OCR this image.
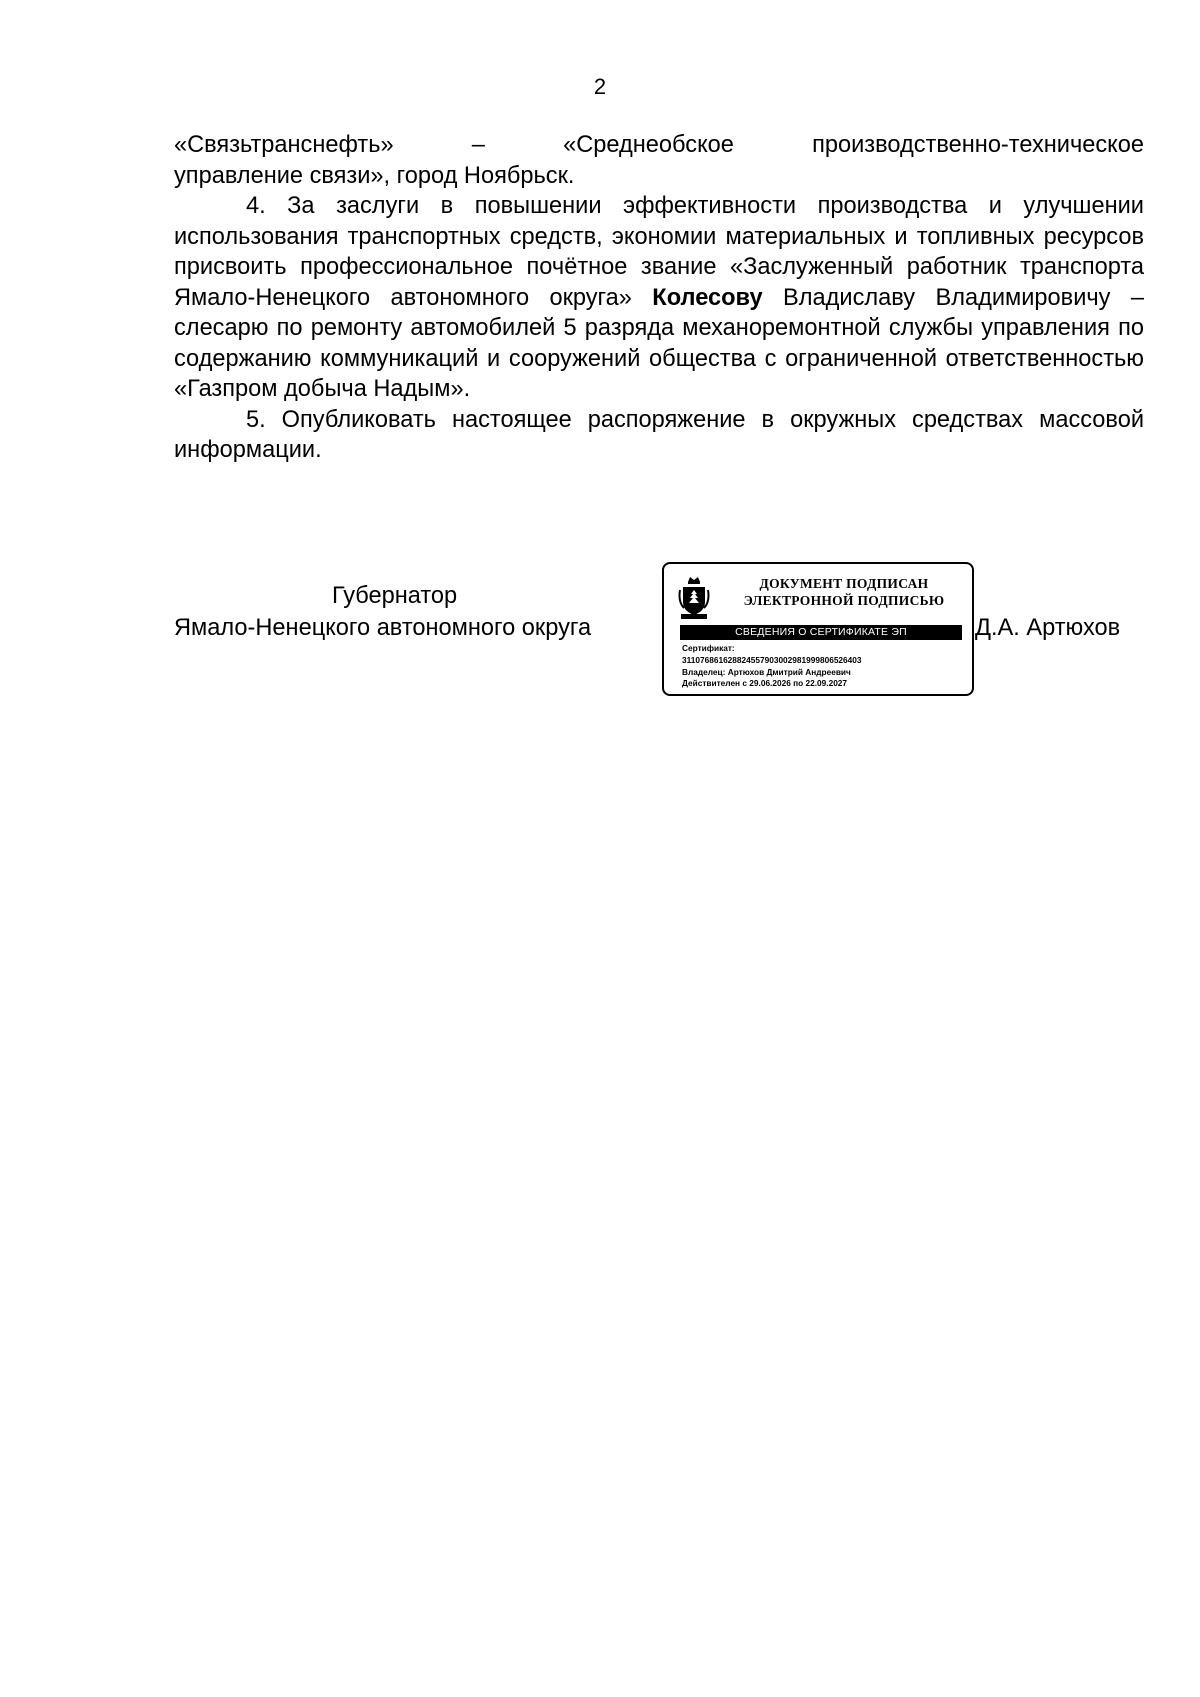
2

«Связьтранснефть» – «Среднеобское производственно-техническое

управление связи», город Ноябрьск.

4. За заслуги в повышении эффективности производства и улучшении использования транспортных средств, экономии материальных и топливных ресурсов присвоить профессиональное почётное звание «Заслуженный работник транспорта Ямало-Ненецкого автономного округа» Колесову Владиславу Владимировичу – слесарю по ремонту автомобилей 5 разряда механоремонтной службы управления по содержанию коммуникаций и сооружений общества с ограниченной ответственностью «Газпром добыча Надым».

5. Опубликовать настоящее распоряжение в окружных средствах массовой информации.

Губернатор
Ямало-Ненецкого автономного округа
ДОКУМЕНТ ПОДПИСАН
ЭЛЕКТРОННОЙ ПОДПИСЬЮ
СВЕДЕНИЯ О СЕРТИФИКАТЕ ЭП
Сертификат:
311076861628824557903002981999806526403
Владелец: Артюхов Дмитрий Андреевич
Действителен с 29.06.2026 по 22.09.2027
Д.А. Артюхов
